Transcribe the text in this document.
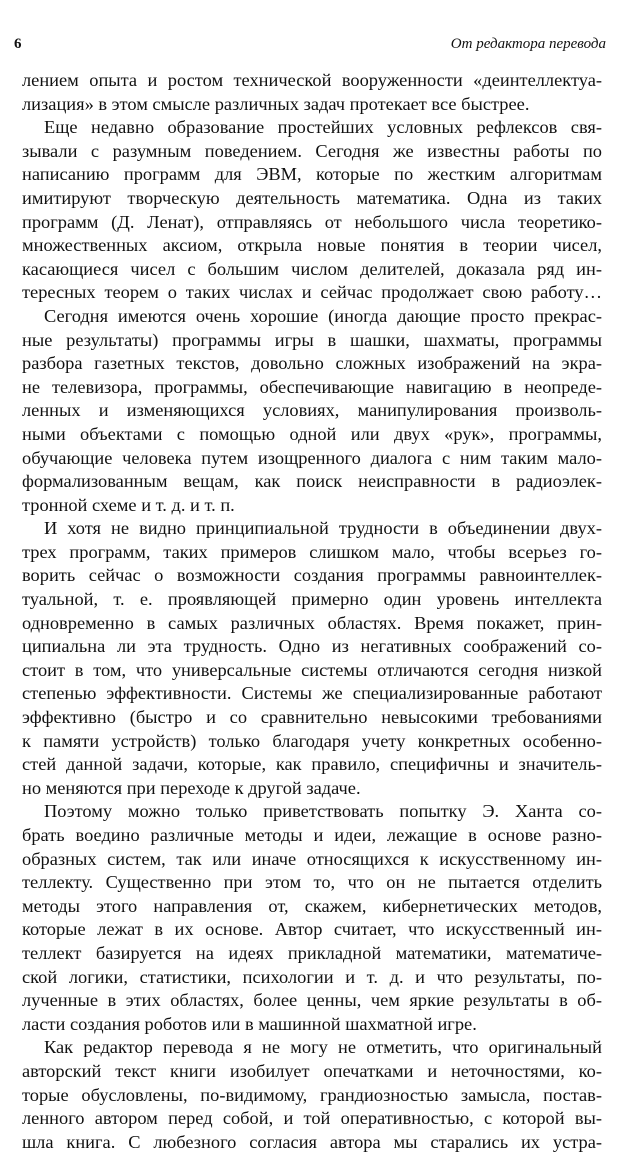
6	От редактора перевода
лением опыта и ростом технической вооруженности «деинтеллектуа-
лизация» в этом смысле различных задач протекает все быстрее.
Еще недавно образование простейших условных рефлексов свя-
зывали с разумным поведением. Сегодня же известны работы по
написанию программ для ЭВМ, которые по жестким алгоритмам
имитируют творческую деятельность математика. Одна из таких
программ (Д. Ленат), отправляясь от небольшого числа теоретико-
множественных аксиом, открыла новые понятия в теории чисел,
касающиеся чисел с большим числом делителей, доказала ряд ин-
тересных теорем о таких числах и сейчас продолжает свою работу…
Сегодня имеются очень хорошие (иногда дающие просто прекрас-
ные результаты) программы игры в шашки, шахматы, программы
разбора газетных текстов, довольно сложных изображений на экра-
не телевизора, программы, обеспечивающие навигацию в неопреде-
ленных и изменяющихся условиях, манипулирования произволь-
ными объектами с помощью одной или двух «рук», программы,
обучающие человека путем изощренного диалога с ним таким мало-
формализованным вещам, как поиск неисправности в радиоэлек-
тронной схеме и т. д. и т. п.
И хотя не видно принципиальной трудности в объединении двух-
трех программ, таких примеров слишком мало, чтобы всерьез го-
ворить сейчас о возможности создания программы равноинтеллек-
туальной, т. е. проявляющей примерно один уровень интеллекта
одновременно в самых различных областях. Время покажет, прин-
ципиальна ли эта трудность. Одно из негативных соображений со-
стоит в том, что универсальные системы отличаются сегодня низкой
степенью эффективности. Системы же специализированные работают
эффективно (быстро и со сравнительно невысокими требованиями
к памяти устройств) только благодаря учету конкретных особенно-
стей данной задачи, которые, как правило, специфичны и значитель-
но меняются при переходе к другой задаче.
Поэтому можно только приветствовать попытку Э. Ханта со-
брать воедино различные методы и идеи, лежащие в основе разно-
образных систем, так или иначе относящихся к искусственному ин-
теллекту. Существенно при этом то, что он не пытается отделить
методы этого направления от, скажем, кибернетических методов,
которые лежат в их основе. Автор считает, что искусственный ин-
теллект базируется на идеях прикладной математики, математиче-
ской логики, статистики, психологии и т. д. и что результаты, по-
лученные в этих областях, более ценны, чем яркие результаты в об-
ласти создания роботов или в машинной шахматной игре.
Как редактор перевода я не могу не отметить, что оригинальный
авторский текст книги изобилует опечатками и неточностями, ко-
торые обусловлены, по-видимому, грандиозностью замысла, постав-
ленного автором перед собой, и той оперативностью, с которой вы-
шла книга. С любезного согласия автора мы старались их устра-
